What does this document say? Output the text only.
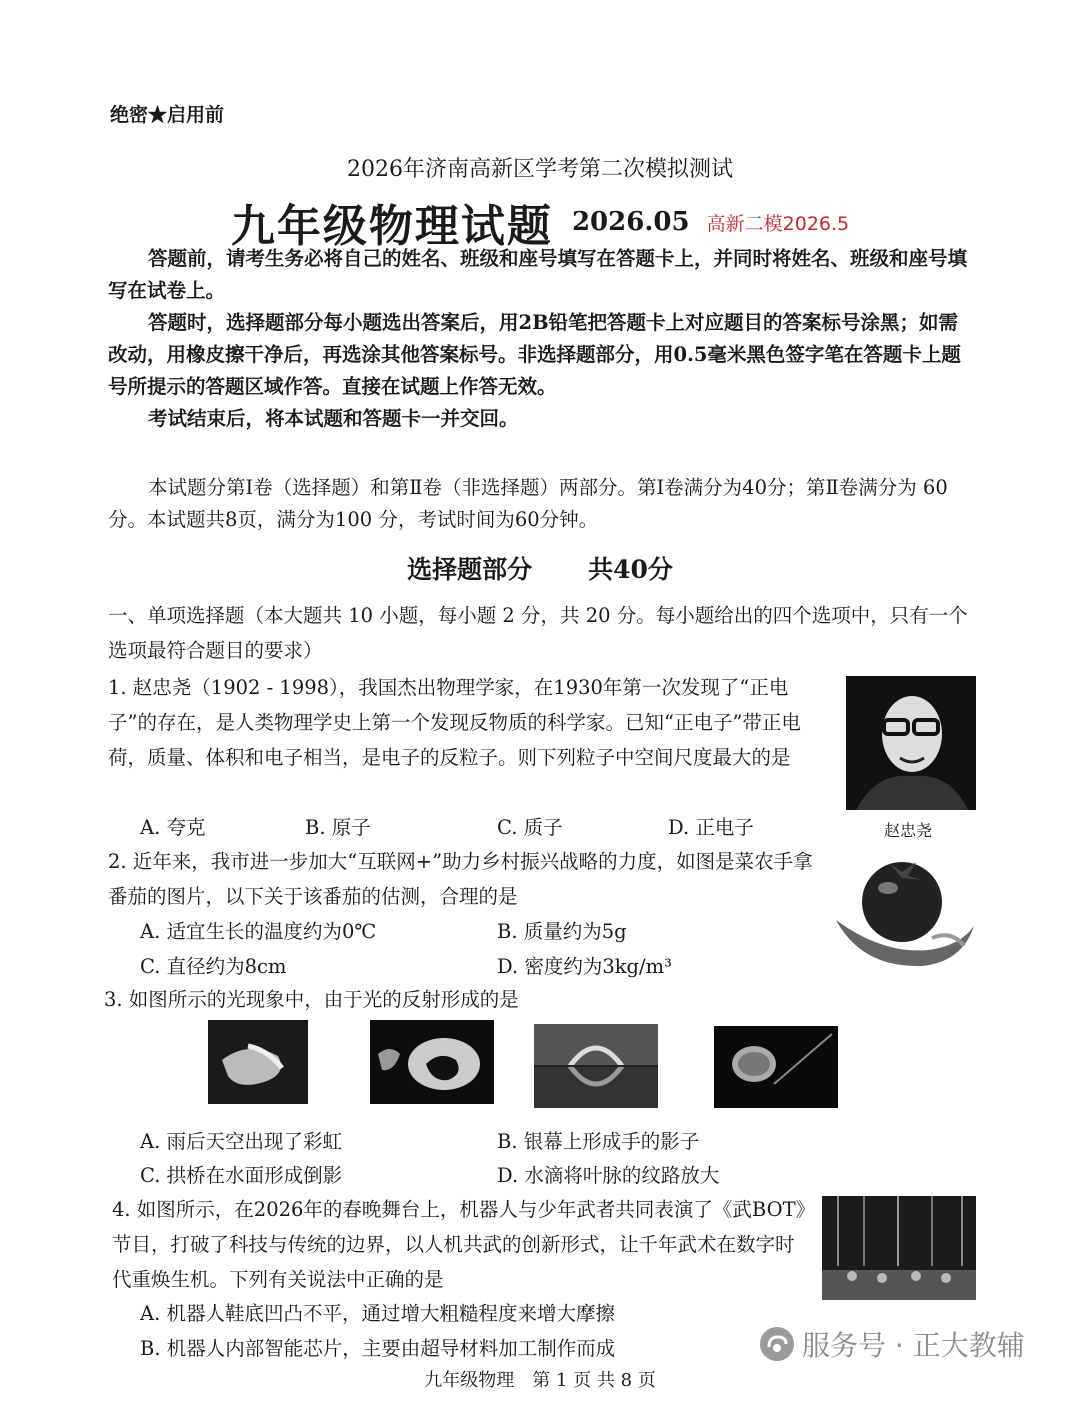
绝密★启用前
2026年济南高新区学考第二次模拟测试
九年级物理试题 2026.05 高新二模2026.5

答题前，请考生务必将自己的姓名、班级和座号填写在答题卡上，并同时将姓名、班级和座号填写在试卷上。

答题时，选择题部分每小题选出答案后，用2B铅笔把答题卡上对应题目的答案标号涂黑；如需改动，用橡皮擦干净后，再选涂其他答案标号。非选择题部分，用0.5毫米黑色签字笔在答题卡上题号所提示的答题区域作答。直接在试题上作答无效。

考试结束后，将本试题和答题卡一并交回。

本试题分第Ⅰ卷（选择题）和第Ⅱ卷（非选择题）两部分。第Ⅰ卷满分为40分；第Ⅱ卷满分为 60分。本试题共8页，满分为100 分，考试时间为60分钟。

选择题部分 共40分
一、单项选择题（本大题共 10 小题，每小题 2 分，共 20 分。每小题给出的四个选项中，只有一个选项最符合题目的要求）
1. 赵忠尧（1902 - 1998），我国杰出物理学家，在1930年第一次发现了“正电子”的存在，是人类物理学史上第一个发现反物质的科学家。已知“正电子”带正电荷，质量、体积和电子相当，是电子的反粒子。则下列粒子中空间尺度最大的是
A. 夸克	B. 原子	C. 质子	D. 正电子	赵忠尧
2. 近年来，我市进一步加大“互联网+”助力乡村振兴战略的力度，如图是菜农手拿番茄的图片，以下关于该番茄的估测，合理的是
A. 适宜生长的温度约为0℃	B. 质量约为5g
C. 直径约为8cm	D. 密度约为3kg/m³
3. 如图所示的光现象中，由于光的反射形成的是
A. 雨后天空出现了彩虹	B. 银幕上形成手的影子
C. 拱桥在水面形成倒影	D. 水滴将叶脉的纹路放大
4. 如图所示，在2026年的春晚舞台上，机器人与少年武者共同表演了《武BOT》节目，打破了科技与传统的边界，以人机共武的创新形式，让千年武术在数字时代重焕生机。下列有关说法中正确的是
A. 机器人鞋底凹凸不平，通过增大粗糙程度来增大摩擦
B. 机器人内部智能芯片，主要由超导材料加工制作而成
九年级物理　第 1 页 共 8 页
服务号 · 正大教辅
